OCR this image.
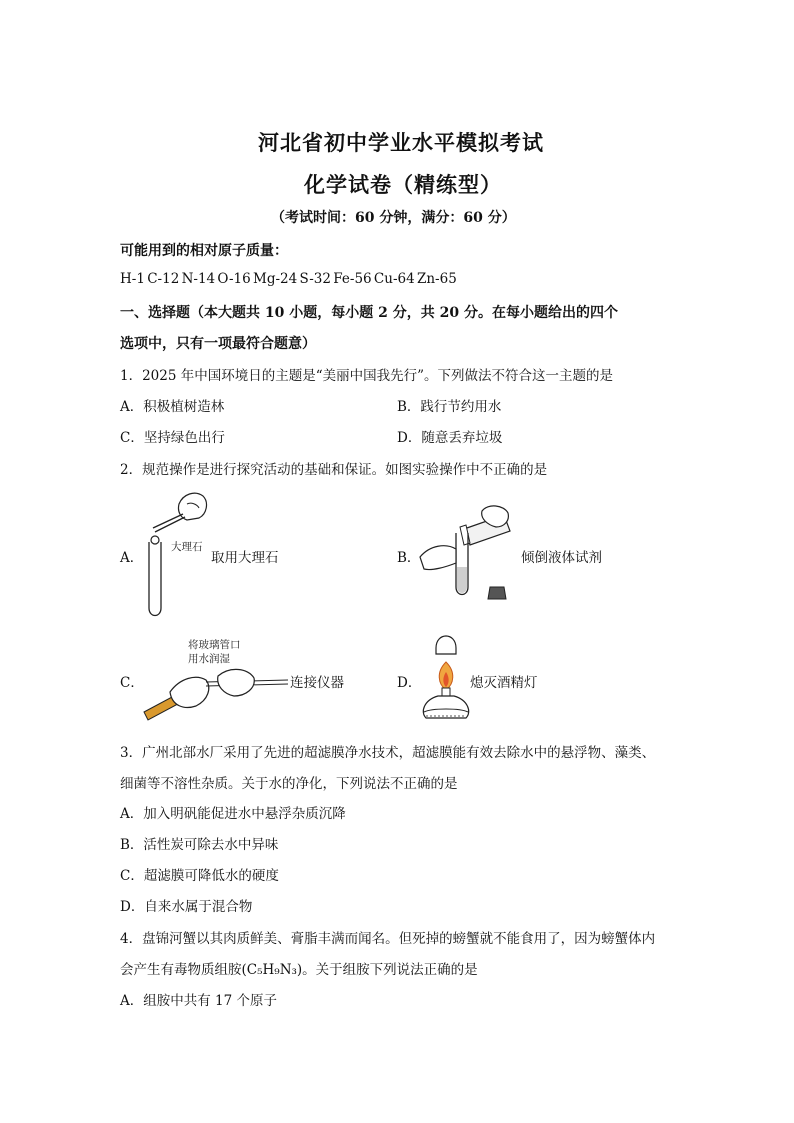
河北省初中学业水平模拟考试
化学试卷（精练型）
（考试时间：60 分钟，满分：60 分）
可能用到的相对原子质量：
H-1 C-12 N-14 O-16 Mg-24 S-32 Fe-56 Cu-64 Zn-65
一、选择题（本大题共 10 小题，每小题 2 分，共 20 分。在每小题给出的四个
选项中，只有一项最符合题意）
1．2025 年中国环境日的主题是“美丽中国我先行”。下列做法不符合这一主题的是
A．积极植树造林	B．践行节约用水
C．坚持绿色出行	D．随意丢弃垃圾
2．规范操作是进行探究活动的基础和保证。如图实验操作中不正确的是
A．
大理石
取用大理石	B．	倾倒液体试剂
C．
将玻璃管口
用水润湿
连接仪器	D．	熄灭酒精灯
3．广州北部水厂采用了先进的超滤膜净水技术，超滤膜能有效去除水中的悬浮物、藻类、
细菌等不溶性杂质。关于水的净化，下列说法不正确的是
A．加入明矾能促进水中悬浮杂质沉降
B．活性炭可除去水中异味
C．超滤膜可降低水的硬度
D．自来水属于混合物
4．盘锦河蟹以其肉质鲜美、膏脂丰满而闻名。但死掉的螃蟹就不能食用了，因为螃蟹体内
会产生有毒物质组胺(C₅H₉N₃)。关于组胺下列说法正确的是
A．组胺中共有 17 个原子
